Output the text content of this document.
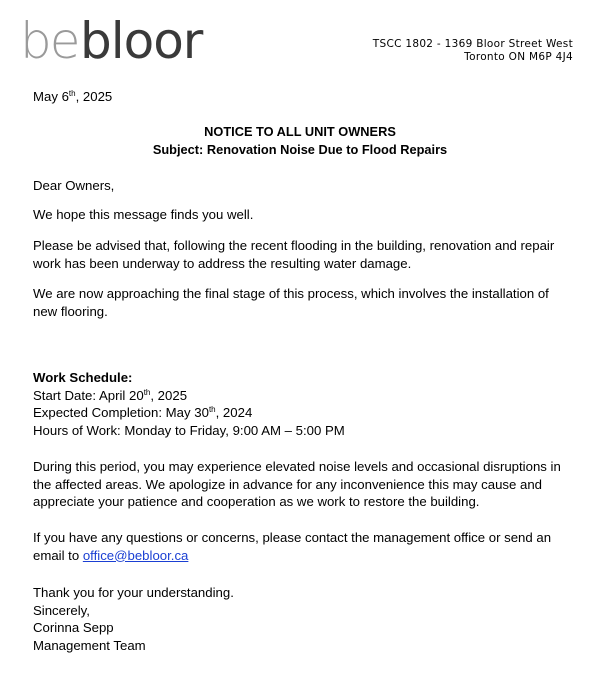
be bloor	TSCC 1802 - 1369 Bloor Street West
Toronto ON M6P 4J4

May 6th, 2025

NOTICE TO ALL UNIT OWNERS

Subject: Renovation Noise Due to Flood Repairs

Dear Owners,

We hope this message finds you well.

Please be advised that, following the recent flooding in the building, renovation and repair work has been underway to address the resulting water damage.

We are now approaching the final stage of this process, which involves the installation of new flooring.

Work Schedule:
Start Date: April 20th, 2025
Expected Completion: May 30th, 2024
Hours of Work: Monday to Friday, 9:00 AM – 5:00 PM

During this period, you may experience elevated noise levels and occasional disruptions in the affected areas. We apologize in advance for any inconvenience this may cause and appreciate your patience and cooperation as we work to restore the building.

If you have any questions or concerns, please contact the management office or send an email to office@bebloor.ca

Thank you for your understanding.
Sincerely,
Corinna Sepp
Management Team
